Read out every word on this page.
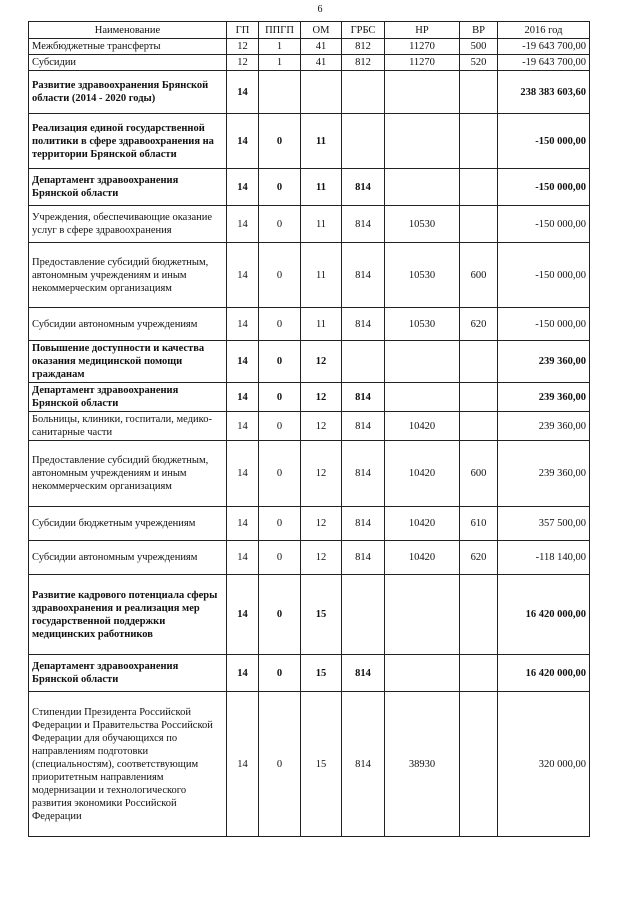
6
Наименование	ГП	ППГП	ОМ	ГРБС	НР	ВР	2016 год
Межбюджетные трансферты	12	1	41	812	11270	500	-19 643 700,00
Субсидии	12	1	41	812	11270	520	-19 643 700,00
Развитие здравоохранения Брянской области (2014 - 2020 годы)	14						238 383 603,60
Реализация единой государственной политики в сфере здравоохранения на территории Брянской области	14	0	11				-150 000,00
Департамент здравоохранения Брянской области	14	0	11	814			-150 000,00
Учреждения, обеспечивающие оказание услуг в сфере здравоохранения	14	0	11	814	10530		-150 000,00
Предоставление субсидий бюджетным, автономным учреждениям и иным некоммерческим организациям	14	0	11	814	10530	600	-150 000,00
Субсидии автономным учреждениям	14	0	11	814	10530	620	-150 000,00
Повышение доступности и качества оказания медицинской помощи гражданам	14	0	12				239 360,00
Департамент здравоохранения Брянской области	14	0	12	814			239 360,00
Больницы, клиники, госпитали, медико-санитарные части	14	0	12	814	10420		239 360,00
Предоставление субсидий бюджетным, автономным учреждениям и иным некоммерческим организациям	14	0	12	814	10420	600	239 360,00
Субсидии бюджетным учреждениям	14	0	12	814	10420	610	357 500,00
Субсидии автономным учреждениям	14	0	12	814	10420	620	-118 140,00
Развитие кадрового потенциала сферы здравоохранения и реализация мер государственной поддержки медицинских работников	14	0	15				16 420 000,00
Департамент здравоохранения Брянской области	14	0	15	814			16 420 000,00
Стипендии Президента Российской Федерации и Правительства Российской Федерации для обучающихся по направлениям подготовки (специальностям), соответствующим приоритетным направлениям модернизации и технологического развития экономики Российской Федерации	14	0	15	814	38930		320 000,00
